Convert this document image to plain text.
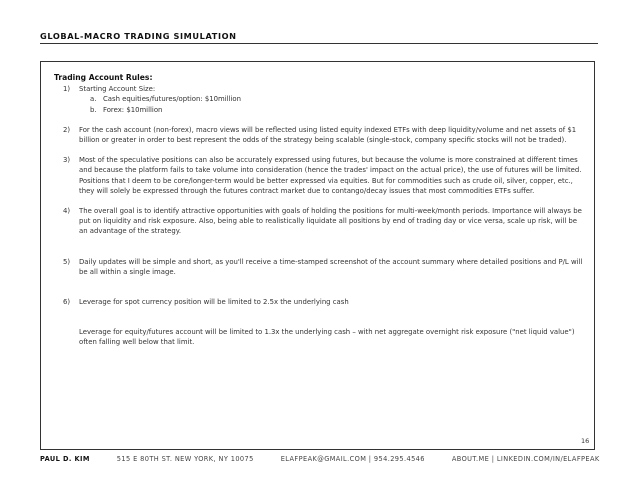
GLOBAL-MACRO TRADING SIMULATION
Trading Account Rules:
1) Starting Account Size:
a. Cash equities/futures/option: $10million
b. Forex: $10million
2) For the cash account (non-forex), macro views will be reflected using listed equity indexed ETFs with deep liquidity/volume and net assets of $1 billion or greater in order to best represent the odds of the strategy being scalable (single-stock, company specific stocks will not be traded).
3) Most of the speculative positions can also be accurately expressed using futures, but because the volume is more constrained at different times and because the platform fails to take volume into consideration (hence the trades' impact on the actual price), the use of futures will be limited. Positions that I deem to be core/longer-term would be better expressed via equities. But for commodities such as crude oil, silver, copper, etc., they will solely be expressed through the futures contract market due to contango/decay issues that most commodities ETFs suffer.
4) The overall goal is to identify attractive opportunities with goals of holding the positions for multi-week/month periods. Importance will always be put on liquidity and risk exposure. Also, being able to realistically liquidate all positions by end of trading day or vice versa, scale up risk, will be an advantage of the strategy.
5) Daily updates will be simple and short, as you'll receive a time-stamped screenshot of the account summary where detailed positions and P/L will be all within a single image.
6) Leverage for spot currency position will be limited to 2.5x the underlying cash
Leverage for equity/futures account will be limited to 1.3x the underlying cash – with net aggregate overnight risk exposure ("net liquid value") often falling well below that limit.
16
PAUL D. KIM	515 E 80TH ST. NEW YORK, NY 10075	ELAFPEAK@GMAIL.COM | 954.295.4546	ABOUT.ME | LINKEDIN.COM/IN/ELAFPEAK
